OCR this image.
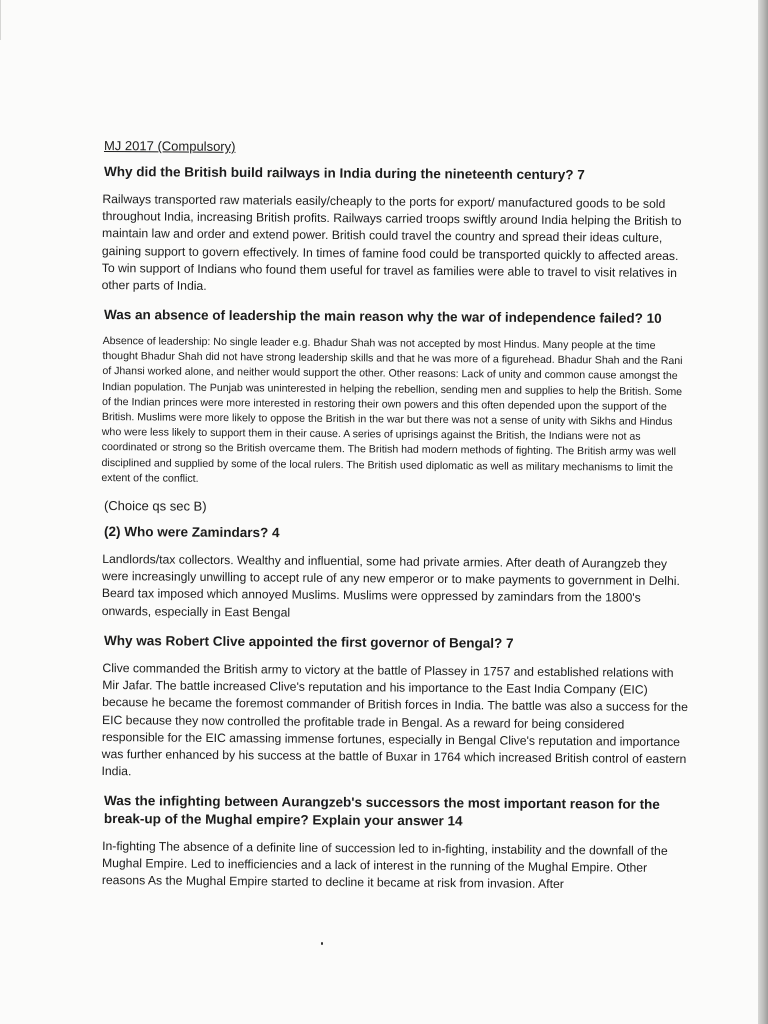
MJ 2017 (Compulsory)
Why did the British build railways in India during the nineteenth century? 7
Railways transported raw materials easily/cheaply to the ports for export/ manufactured goods to be sold throughout India, increasing British profits. Railways carried troops swiftly around India helping the British to maintain law and order and extend power. British could travel the country and spread their ideas culture, gaining support to govern effectively. In times of famine food could be transported quickly to affected areas. To win support of Indians who found them useful for travel as families were able to travel to visit relatives in other parts of India.
Was an absence of leadership the main reason why the war of independence failed? 10
Absence of leadership: No single leader e.g. Bhadur Shah was not accepted by most Hindus. Many people at the time thought Bhadur Shah did not have strong leadership skills and that he was more of a figurehead. Bhadur Shah and the Rani of Jhansi worked alone, and neither would support the other. Other reasons: Lack of unity and common cause amongst the Indian population. The Punjab was uninterested in helping the rebellion, sending men and supplies to help the British. Some of the Indian princes were more interested in restoring their own powers and this often depended upon the support of the British. Muslims were more likely to oppose the British in the war but there was not a sense of unity with Sikhs and Hindus who were less likely to support them in their cause. A series of uprisings against the British, the Indians were not as coordinated or strong so the British overcame them. The British had modern methods of fighting. The British army was well disciplined and supplied by some of the local rulers. The British used diplomatic as well as military mechanisms to limit the extent of the conflict.
(Choice qs sec B)
(2) Who were Zamindars? 4
Landlords/tax collectors. Wealthy and influential, some had private armies. After death of Aurangzeb they were increasingly unwilling to accept rule of any new emperor or to make payments to government in Delhi. Beard tax imposed which annoyed Muslims. Muslims were oppressed by zamindars from the 1800's onwards, especially in East Bengal
Why was Robert Clive appointed the first governor of Bengal? 7
Clive commanded the British army to victory at the battle of Plassey in 1757 and established relations with Mir Jafar. The battle increased Clive's reputation and his importance to the East India Company (EIC) because he became the foremost commander of British forces in India. The battle was also a success for the EIC because they now controlled the profitable trade in Bengal. As a reward for being considered responsible for the EIC amassing immense fortunes, especially in Bengal Clive's reputation and importance was further enhanced by his success at the battle of Buxar in 1764 which increased British control of eastern India.
Was the infighting between Aurangzeb's successors the most important reason for the break-up of the Mughal empire? Explain your answer 14
In-fighting The absence of a definite line of succession led to in-fighting, instability and the downfall of the Mughal Empire. Led to inefficiencies and a lack of interest in the running of the Mughal Empire. Other reasons As the Mughal Empire started to decline it became at risk from invasion. After
